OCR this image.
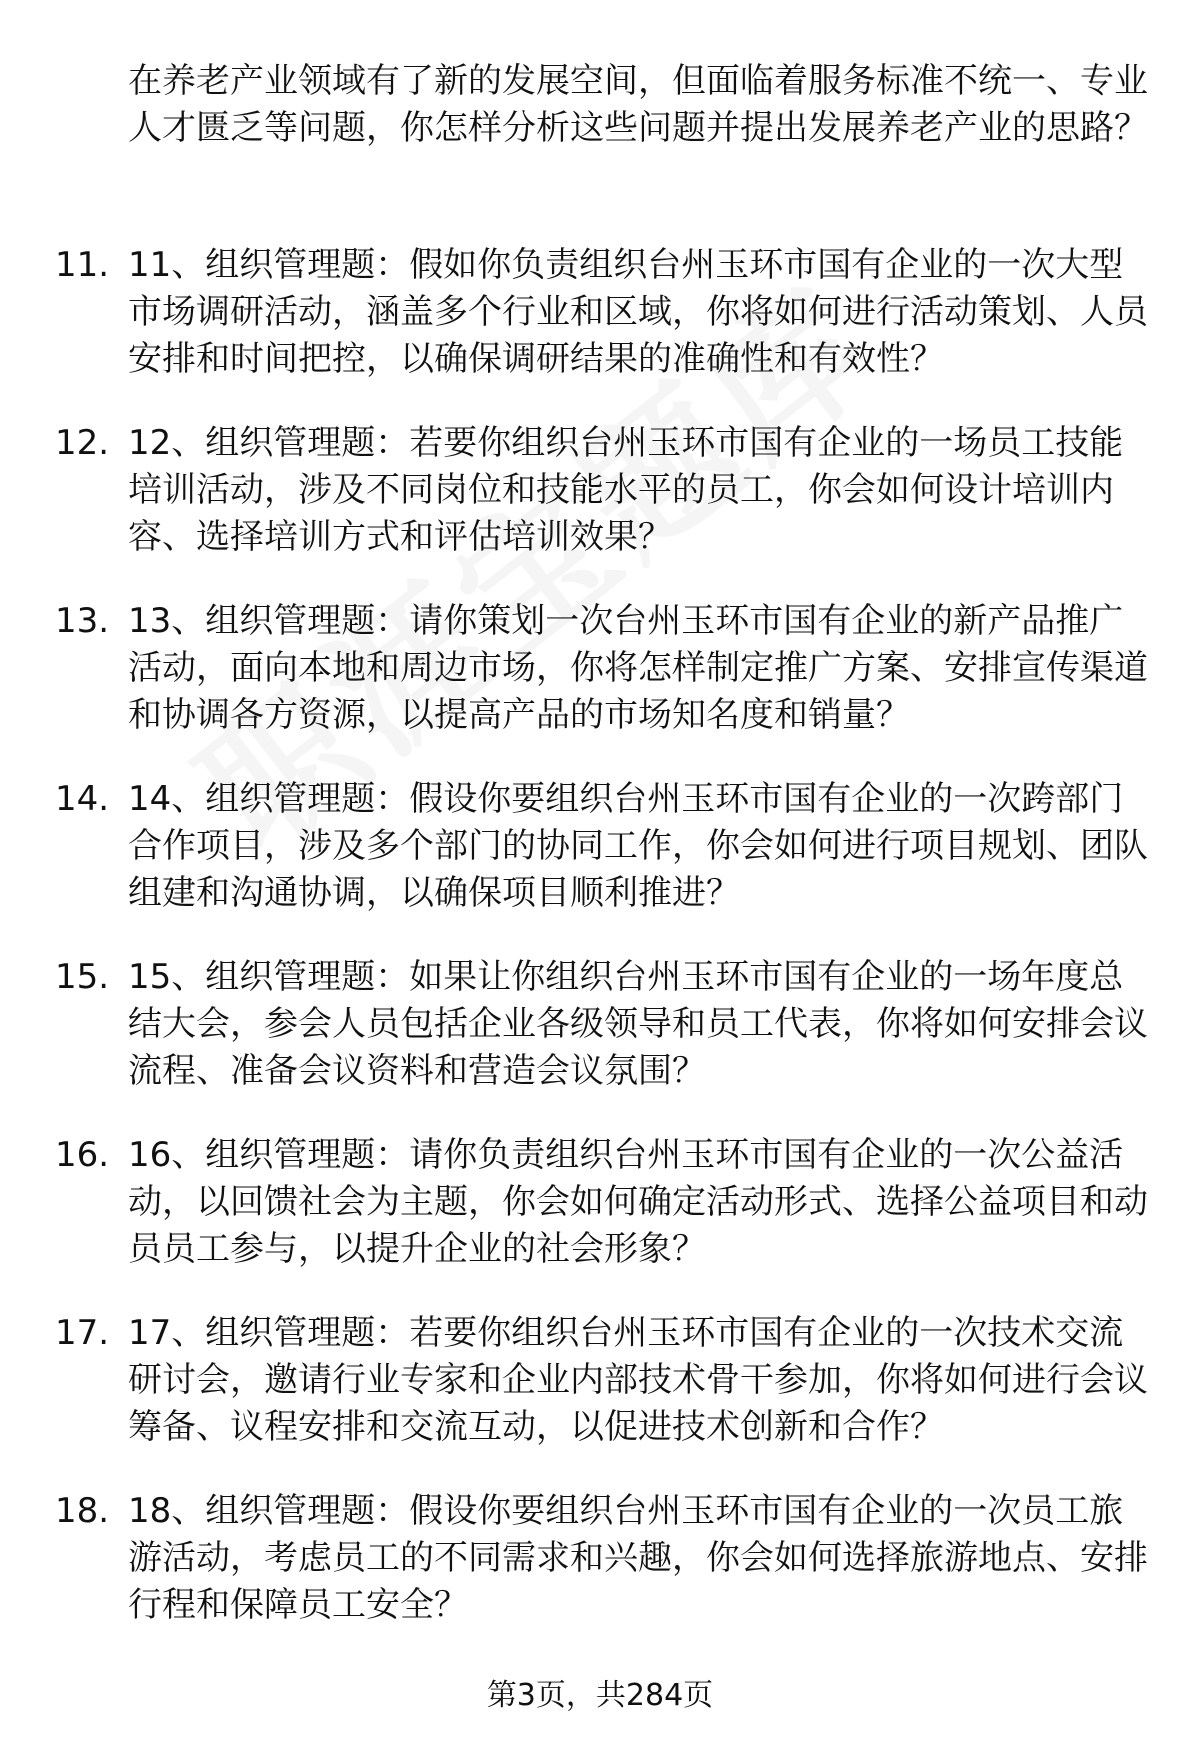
在养老产业领域有了新的发展空间，但面临着服务标准不统一、专业人才匮乏等问题，你怎样分析这些问题并提出发展养老产业的思路？
11. 11、组织管理题：假如你负责组织台州玉环市国有企业的一次大型市场调研活动，涵盖多个行业和区域，你将如何进行活动策划、人员安排和时间把控，以确保调研结果的准确性和有效性？
12. 12、组织管理题：若要你组织台州玉环市国有企业的一场员工技能培训活动，涉及不同岗位和技能水平的员工，你会如何设计培训内容、选择培训方式和评估培训效果？
13. 13、组织管理题：请你策划一次台州玉环市国有企业的新产品推广活动，面向本地和周边市场，你将怎样制定推广方案、安排宣传渠道和协调各方资源，以提高产品的市场知名度和销量？
14. 14、组织管理题：假设你要组织台州玉环市国有企业的一次跨部门合作项目，涉及多个部门的协同工作，你会如何进行项目规划、团队组建和沟通协调，以确保项目顺利推进？
15. 15、组织管理题：如果让你组织台州玉环市国有企业的一场年度总结大会，参会人员包括企业各级领导和员工代表，你将如何安排会议流程、准备会议资料和营造会议氛围？
16. 16、组织管理题：请你负责组织台州玉环市国有企业的一次公益活动，以回馈社会为主题，你会如何确定活动形式、选择公益项目和动员员工参与，以提升企业的社会形象？
17. 17、组织管理题：若要你组织台州玉环市国有企业的一次技术交流研讨会，邀请行业专家和企业内部技术骨干参加，你将如何进行会议筹备、议程安排和交流互动，以促进技术创新和合作？
18. 18、组织管理题：假设你要组织台州玉环市国有企业的一次员工旅游活动，考虑员工的不同需求和兴趣，你会如何选择旅游地点、安排行程和保障员工安全？
第3页，共284页
